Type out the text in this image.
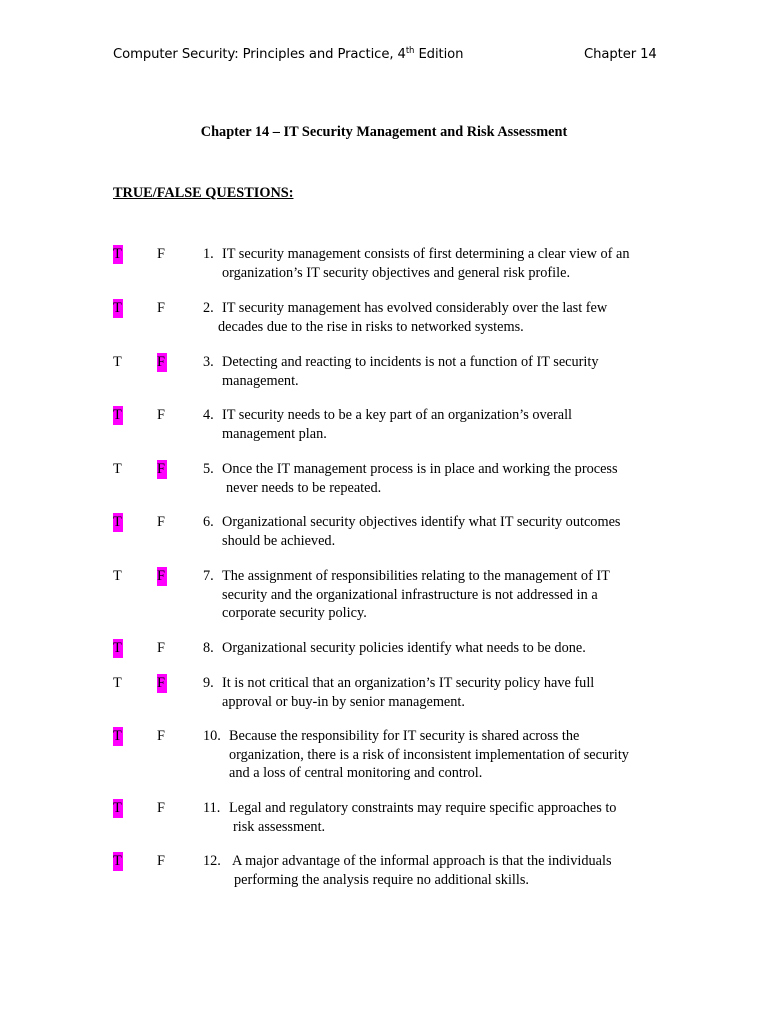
Computer Security: Principles and Practice, 4th Edition	Chapter 14
Chapter 14 – IT Security Management and Risk Assessment
TRUE/FALSE QUESTIONS:
T F	1. IT security management consists of first determining a clear view of an
organization’s IT security objectives and general risk profile.
T F	2. IT security management has evolved considerably over the last few
decades due to the rise in risks to networked systems.
T F	3. Detecting and reacting to incidents is not a function of IT security
management.
T F	4. IT security needs to be a key part of an organization’s overall
management plan.
T F	5. Once the IT management process is in place and working the process
never needs to be repeated.
T F	6. Organizational security objectives identify what IT security outcomes
should be achieved.
T F	7. The assignment of responsibilities relating to the management of IT
security and the organizational infrastructure is not addressed in a
corporate security policy.
T F	8. Organizational security policies identify what needs to be done.
T F	9. It is not critical that an organization’s IT security policy have full
approval or buy-in by senior management.
T F	10. Because the responsibility for IT security is shared across the
organization, there is a risk of inconsistent implementation of security
and a loss of central monitoring and control.
T F	11. Legal and regulatory constraints may require specific approaches to
risk assessment.
T F	12. A major advantage of the informal approach is that the individuals
performing the analysis require no additional skills.
